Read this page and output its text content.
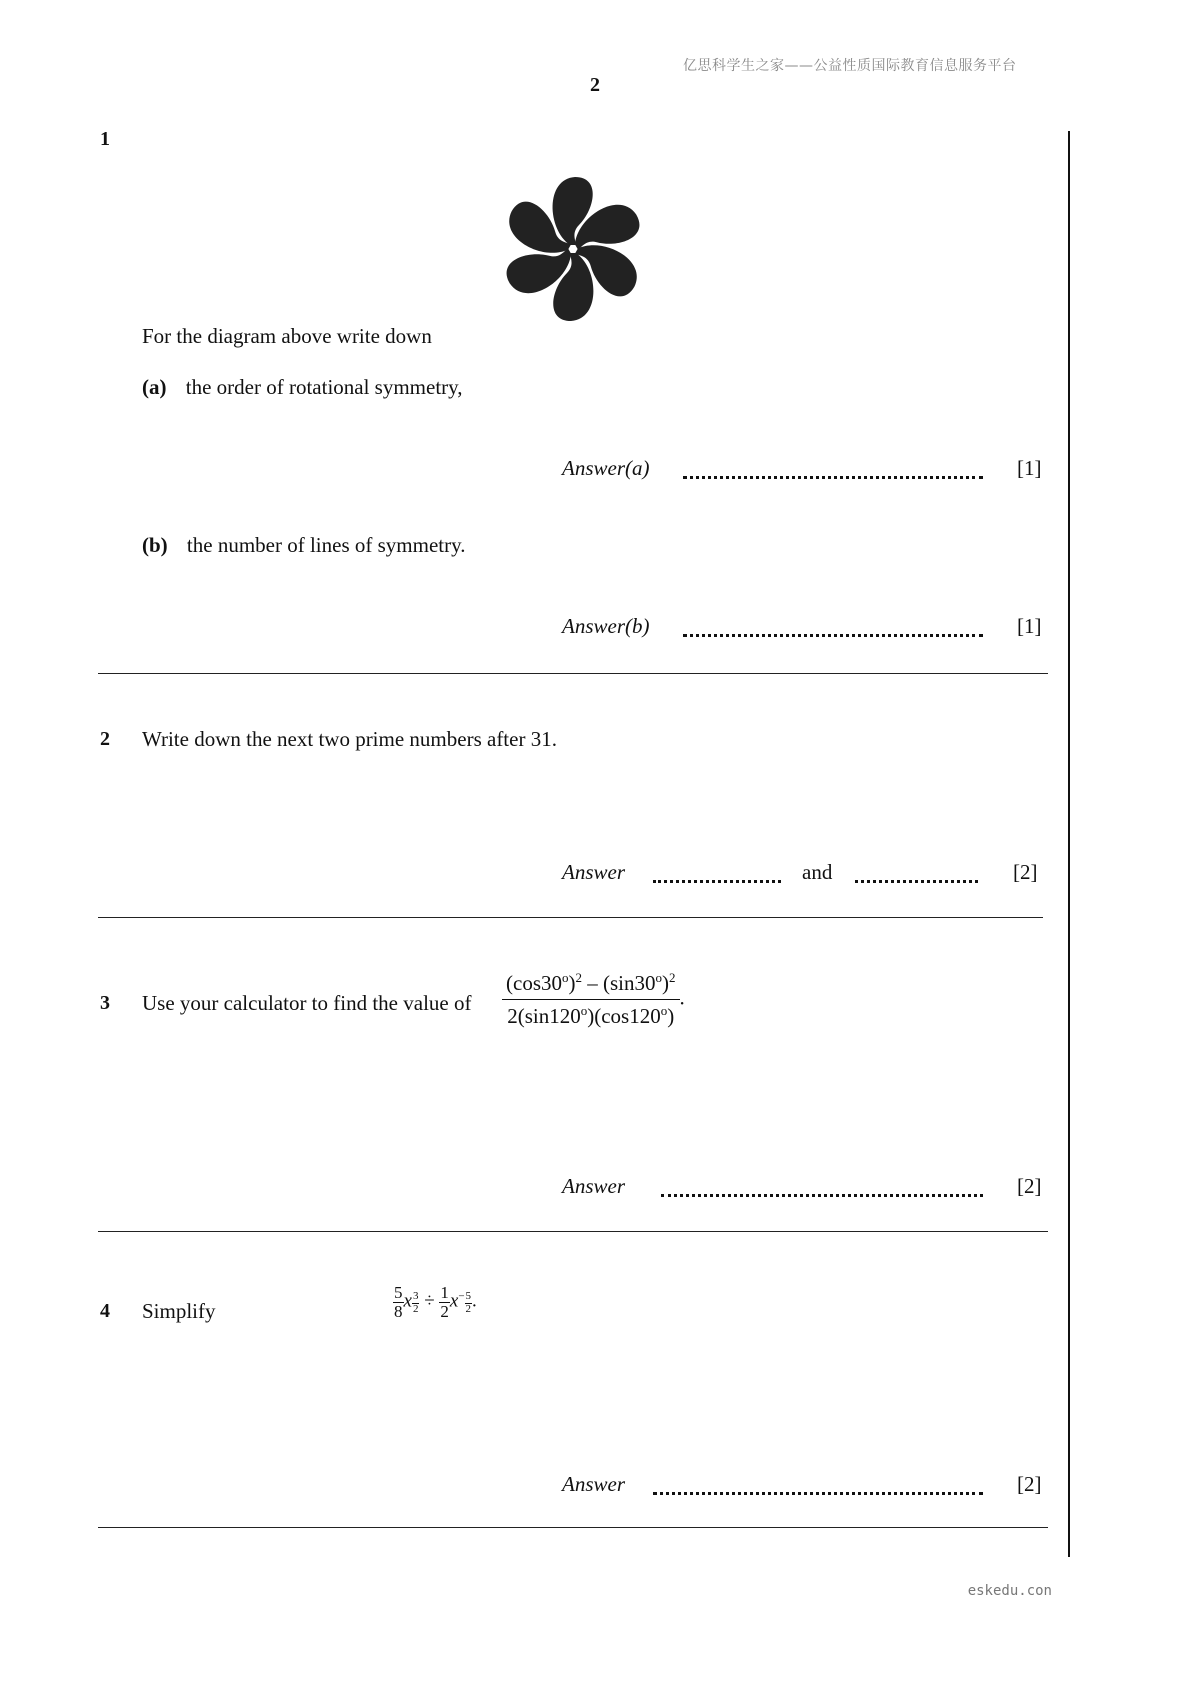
亿思科学生之家——公益性质国际教育信息服务平台
2
1
For the diagram above write down
(a) the order of rotational symmetry,
Answer(a)	[1]
(b) the number of lines of symmetry.
Answer(b)	[1]
2 Write down the next two prime numbers after 31.
Answer	and	[2]
3 Use your calculator to find the value of $\frac{(\cos 30^o)^2 - (\sin 30^o)^2}{2(\sin 120^o)(\cos 120^o)}$ .
Answer	[2]
4 Simplify	$\frac{5}{8}$ x $\frac{3}{2} \div \frac{1}{2} x^- \frac{5}{2}$ .
Answer	[2]
eskedu.con
